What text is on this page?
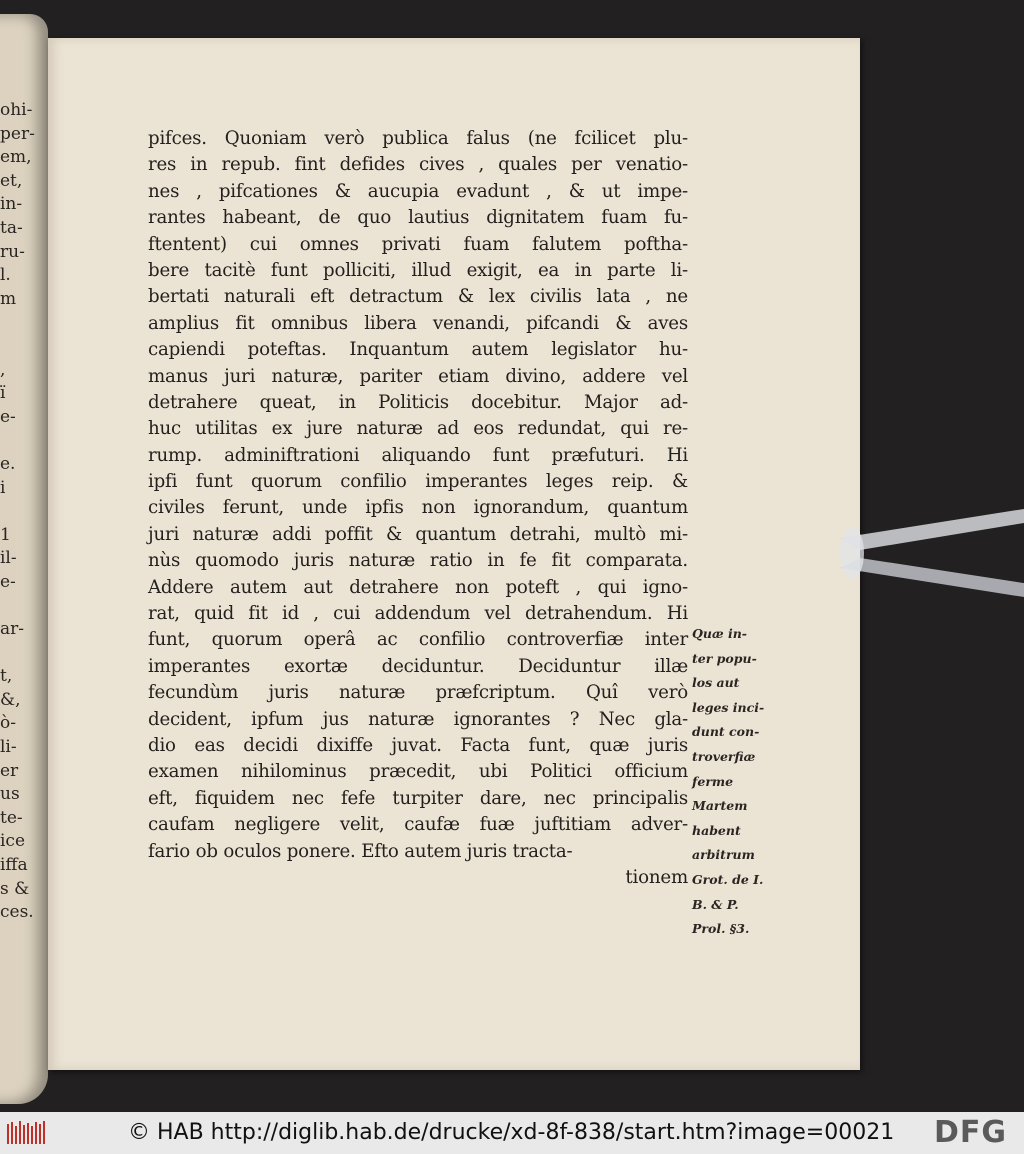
ohi-
per-
em,
et,
in-
ta-
ru-
l.
m
,
ï
e-
e.
i
1
il-
e-
ar-
t,
&,
ò-
li-
er
us
te-
ice
iffa
s &
ces.
pifces. Quoniam verò publica falus (ne fcilicet plu-
res in repub. fint defides cives , quales per venatio-
nes , pifcationes & aucupia evadunt , & ut impe-
rantes habeant, de quo lautius dignitatem fuam fu-
ftentent) cui omnes privati fuam falutem poftha-
bere tacitè funt polliciti, illud exigit, ea in parte li-
bertati naturali eft detractum & lex civilis lata , ne
amplius fit omnibus libera venandi, pifcandi & aves
capiendi poteftas. Inquantum autem legislator hu-
manus juri naturæ, pariter etiam divino, addere vel
detrahere queat, in Politicis docebitur. Major ad-
huc utilitas ex jure naturæ ad eos redundat, qui re-
rump. adminiftrationi aliquando funt præfuturi. Hi
ipfi funt quorum confilio imperantes leges reip. &
civiles ferunt, unde ipfis non ignorandum, quantum
juri naturæ addi poffit & quantum detrahi, multò mi-
nùs quomodo juris naturæ ratio in fe fit comparata.
Addere autem aut detrahere non poteft , qui igno-
rat, quid fit id , cui addendum vel detrahendum. Hi
funt, quorum operâ ac confilio controverfiæ inter
imperantes exortæ deciduntur. Deciduntur illæ
fecundùm juris naturæ præfcriptum. Quî verò
decident, ipfum jus naturæ ignorantes ? Nec gla-
dio eas decidi dixiffe juvat. Facta funt, quæ juris
examen nihilominus præcedit, ubi Politici officium
eft, fiquidem nec fefe turpiter dare, nec principalis
caufam negligere velit, caufæ fuæ juftitiam adver-
fario ob oculos ponere. Efto autem juris tracta-
tionem
Quæ in-
ter popu-
los aut
leges inci-
dunt con-
troverfiæ
ferme
Martem
habent
arbitrum
Grot. de I.
B. & P.
Prol. §3.
© HAB http://diglib.hab.de/drucke/xd-8f-838/start.htm?image=00021 DFG
